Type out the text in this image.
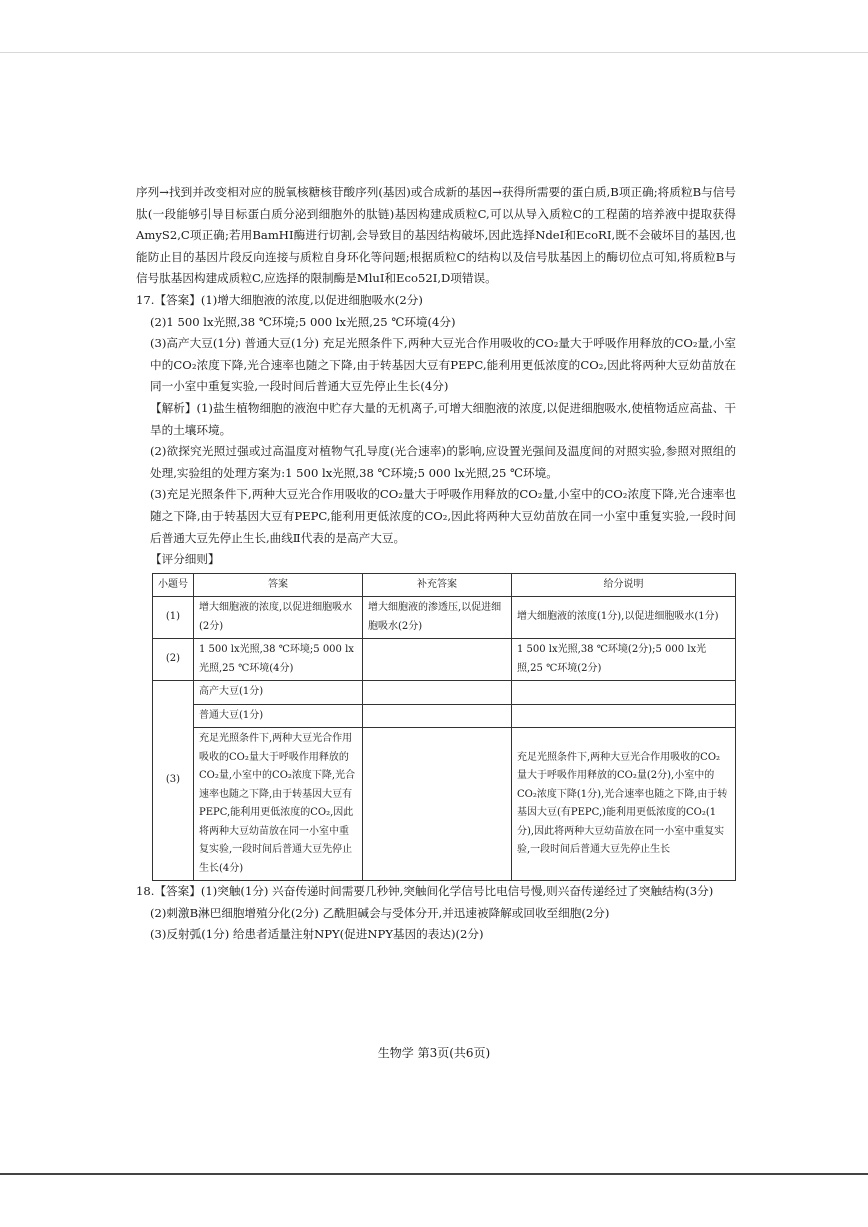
序列→找到并改变相对应的脱氧核糖核苷酸序列(基因)或合成新的基因→获得所需要的蛋白质,B项正确;将质粒B与信号肽(一段能够引导目标蛋白质分泌到细胞外的肽链)基因构建成质粒C,可以从导入质粒C的工程菌的培养液中提取获得AmyS2,C项正确;若用BamHⅠ酶进行切割,会导致目的基因结构破坏,因此选择NdeⅠ和EcoRⅠ,既不会破坏目的基因,也能防止目的基因片段反向连接与质粒自身环化等问题;根据质粒C的结构以及信号肽基因上的酶切位点可知,将质粒B与信号肽基因构建成质粒C,应选择的限制酶是MluⅠ和Eco52Ⅰ,D项错误。

17.【答案】(1)增大细胞液的浓度,以促进细胞吸水(2分)

(2)1 500 lx光照,38 ℃环境;5 000 lx光照,25 ℃环境(4分)

(3)高产大豆(1分) 普通大豆(1分) 充足光照条件下,两种大豆光合作用吸收的CO₂量大于呼吸作用释放的CO₂量,小室中的CO₂浓度下降,光合速率也随之下降,由于转基因大豆有PEPC,能利用更低浓度的CO₂,因此将两种大豆幼苗放在同一小室中重复实验,一段时间后普通大豆先停止生长(4分)

【解析】(1)盐生植物细胞的液泡中贮存大量的无机离子,可增大细胞液的浓度,以促进细胞吸水,使植物适应高盐、干旱的土壤环境。

(2)欲探究光照过强或过高温度对植物气孔导度(光合速率)的影响,应设置光强间及温度间的对照实验,参照对照组的处理,实验组的处理方案为:1 500 lx光照,38 ℃环境;5 000 lx光照,25 ℃环境。

(3)充足光照条件下,两种大豆光合作用吸收的CO₂量大于呼吸作用释放的CO₂量,小室中的CO₂浓度下降,光合速率也随之下降,由于转基因大豆有PEPC,能利用更低浓度的CO₂,因此将两种大豆幼苗放在同一小室中重复实验,一段时间后普通大豆先停止生长,曲线Ⅱ代表的是高产大豆。

【评分细则】

小题号	答案	补充答案	给分说明
(1)	增大细胞液的浓度,以促进细胞吸水(2分)	增大细胞液的渗透压,以促进细胞吸水(2分)	增大细胞液的浓度(1分),以促进细胞吸水(1分)
(2)	1 500 lx光照,38 ℃环境;5 000 lx光照,25 ℃环境(4分)		1 500 lx光照,38 ℃环境(2分);5 000 lx光照,25 ℃环境(2分)
(3)	高产大豆(1分)		
	普通大豆(1分)		
	充足光照条件下,两种大豆光合作用吸收的CO₂量大于呼吸作用释放的CO₂量,小室中的CO₂浓度下降,光合速率也随之下降,由于转基因大豆有PEPC,能利用更低浓度的CO₂,因此将两种大豆幼苗放在同一小室中重复实验,一段时间后普通大豆先停止生长(4分)		充足光照条件下,两种大豆光合作用吸收的CO₂量大于呼吸作用释放的CO₂量(2分),小室中的CO₂浓度下降(1分),光合速率也随之下降,由于转基因大豆(有PEPC,)能利用更低浓度的CO₂(1分),因此将两种大豆幼苗放在同一小室中重复实验,一段时间后普通大豆先停止生长

18.【答案】(1)突触(1分) 兴奋传递时间需要几秒钟,突触间化学信号比电信号慢,则兴奋传递经过了突触结构(3分)

(2)刺激B淋巴细胞增殖分化(2分) 乙酰胆碱会与受体分开,并迅速被降解或回收至细胞(2分)

(3)反射弧(1分) 给患者适量注射NPY(促进NPY基因的表达)(2分)

生物学 第3页(共6页)
